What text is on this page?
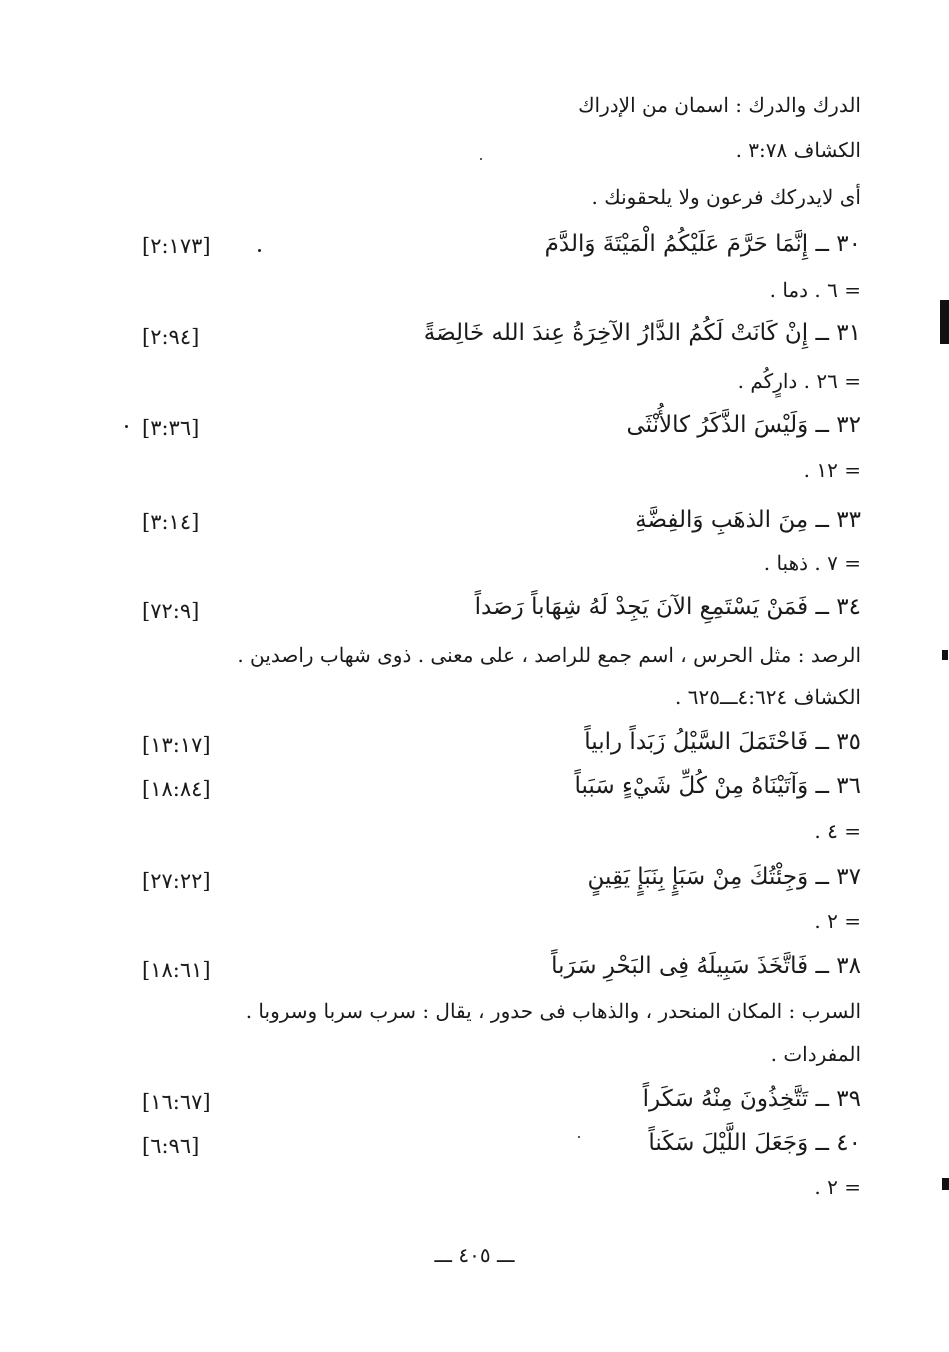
الدرك والدرك : اسمان من الإدراك
الكشاف ٣:٧٨ .
أى لايدركك فرعون ولا يلحقونك .
٣٠ ــ إِنَّمَا حَرَّمَ عَلَيْكُمُ الْمَيْتَةَ وَالدَّمَ
[٢:١٧٣]
= ٦ . دما .
٣١ ــ إِنْ كَانَتْ لَكُمُ الدَّارُ الآخِرَةُ عِندَ الله خَالِصَةً
[٢:٩٤]
= ٢٦ . دارٍكُم .
٣٢ ــ وَلَيْسَ الذَّكَرُ كالأُنْثَى
[٣:٣٦]
= ١٢ .
٣٣ ــ مِنَ الذهَبِ وَالفِضَّةِ
[٣:١٤]
= ٧ . ذهبا .
٣٤ ــ فَمَنْ يَسْتَمِعِ الآنَ يَجِدْ لَهُ شِهَاباً رَصَداً
[٧٢:٩]
الرصد : مثل الحرس ، اسم جمع للراصد ، على معنى . ذوى شهاب راصدين .
الكشاف ٤:٦٢٤ـــ٦٢٥ .
٣٥ ــ فَاحْتَمَلَ السَّيْلُ زَبَداً رابياً
[١٣:١٧]
٣٦ ــ وَآتَيْنَاهُ مِنْ كُلِّ شَيْءٍ سَبَباً
[١٨:٨٤]
= ٤ .
٣٧ ــ وَجِئْتُكَ مِنْ سَبَإٍ بِنَبَإٍ يَقِينٍ
[٢٧:٢٢]
= ٢ .
٣٨ ــ فَاتَّخَذَ سَبِيلَهُ فِى البَحْرِ سَرَباً
[١٨:٦١]
السرب : المكان المنحدر ، والذهاب فى حدور ، يقال : سرب سربا وسروبا .
المفردات .
٣٩ ــ تَتَّخِذُونَ مِنْهُ سَكَراً
[١٦:٦٧]
٤٠ ــ وَجَعَلَ اللَّيْلَ سَكَناً
[٦:٩٦]
= ٢ .
ـــ ٤٠٥ ـــ
